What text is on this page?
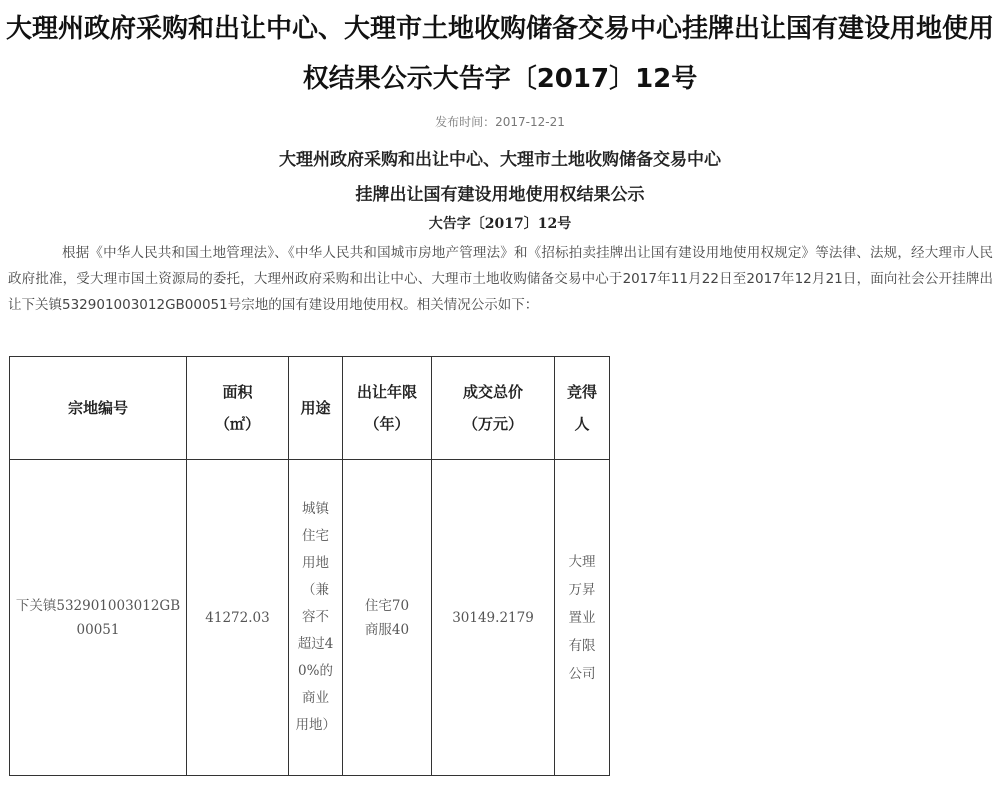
大理州政府采购和出让中心、大理市土地收购储备交易中心挂牌出让国有建设用地使用权结果公示大告字〔2017〕12号
发布时间：2017-12-21
大理州政府采购和出让中心、大理市土地收购储备交易中心
挂牌出让国有建设用地使用权结果公示
大告字〔2017〕12号

根据《中华人民共和国土地管理法》、《中华人民共和国城市房地产管理法》和《招标拍卖挂牌出让国有建设用地使用权规定》等法律、法规，经大理市人民政府批准，受大理市国土资源局的委托，大理州政府采购和出让中心、大理市土地收购储备交易中心于2017年11月22日至2017年12月21日，面向社会公开挂牌出让下关镇532901003012GB00051号宗地的国有建设用地使用权。相关情况公示如下：

宗地编号	面积（㎡）	用途	出让年限（年）	成交总价（万元）	竞得人

下关镇532901003012GB00051	41272.03	城镇住宅用地（兼容不超过40%的商业用地）	住宅70 商服40	30149.2179	大理万昇置业有限公司
